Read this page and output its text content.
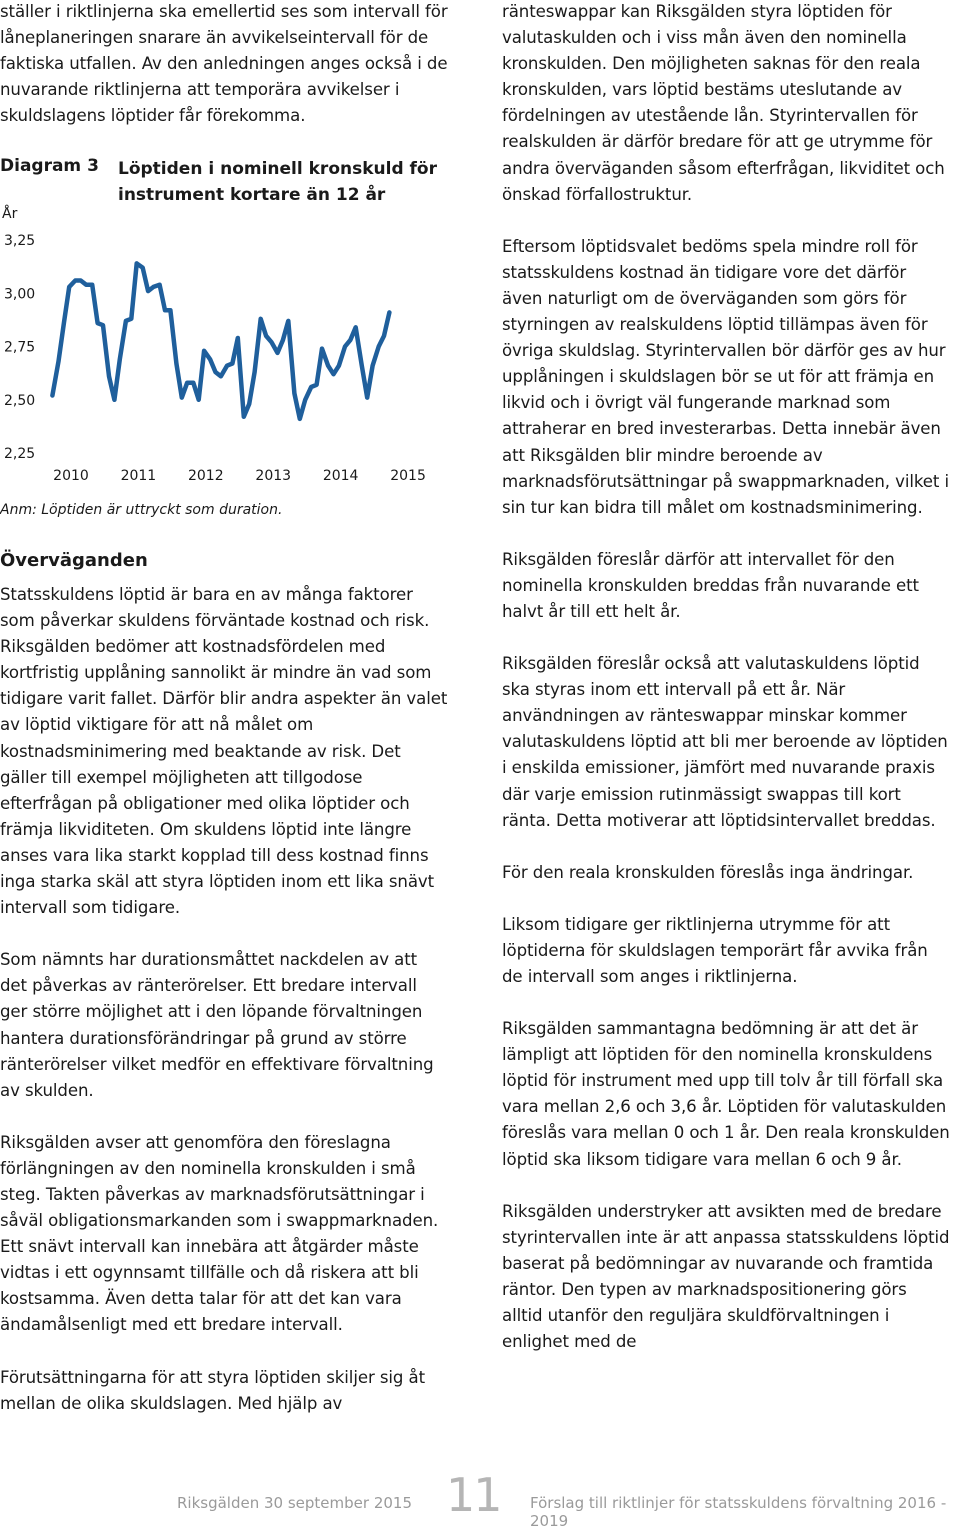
ställer i riktlinjerna ska emellertid ses som intervall för låneplaneringen snarare än avvikelseintervall för de faktiska utfallen. Av den anledningen anges också i de nuvarande riktlinjerna att temporära avvikelser i skuldslagens löptider får förekomma.

Diagram 3 Löptiden i nominell kronskuld för instrument kortare än 12 år
År
3,25
3,00
2,75
2,50
2,25
2010 2011 2012 2013 2014 2015
Anm: Löptiden är uttryckt som duration.
Överväganden

Statsskuldens löptid är bara en av många faktorer som påverkar skuldens förväntade kostnad och risk. Riksgälden bedömer att kostnadsfördelen med kortfristig upplåning sannolikt är mindre än vad som tidigare varit fallet. Därför blir andra aspekter än valet av löptid viktigare för att nå målet om kostnadsminimering med beaktande av risk. Det gäller till exempel möjligheten att tillgodose efterfrågan på obligationer med olika löptider och främja likviditeten. Om skuldens löptid inte längre anses vara lika starkt kopplad till dess kostnad finns inga starka skäl att styra löptiden inom ett lika snävt intervall som tidigare.

Som nämnts har durationsmåttet nackdelen av att det påverkas av ränterörelser. Ett bredare intervall ger större möjlighet att i den löpande förvaltningen hantera durationsförändringar på grund av större ränterörelser vilket medför en effektivare förvaltning av skulden.

Riksgälden avser att genomföra den föreslagna förlängningen av den nominella kronskulden i små steg. Takten påverkas av marknadsförutsättningar i såväl obligationsmarkanden som i swappmarknaden. Ett snävt intervall kan innebära att åtgärder måste vidtas i ett ogynnsamt tillfälle och då riskera att bli kostsamma. Även detta talar för att det kan vara ändamålsenligt med ett bredare intervall.

Förutsättningarna för att styra löptiden skiljer sig åt mellan de olika skuldslagen. Med hjälp av

ränteswappar kan Riksgälden styra löptiden för valutaskulden och i viss mån även den nominella kronskulden. Den möjligheten saknas för den reala kronskulden, vars löptid bestäms uteslutande av fördelningen av utestående lån. Styrintervallen för realskulden är därför bredare för att ge utrymme för andra överväganden såsom efterfrågan, likviditet och önskad förfallostruktur.

Eftersom löptidsvalet bedöms spela mindre roll för statsskuldens kostnad än tidigare vore det därför även naturligt om de överväganden som görs för styrningen av realskuldens löptid tillämpas även för övriga skuldslag. Styrintervallen bör därför ges av hur upplåningen i skuldslagen bör se ut för att främja en likvid och i övrigt väl fungerande marknad som attraherar en bred investerarbas. Detta innebär även att Riksgälden blir mindre beroende av marknadsförutsättningar på swappmarknaden, vilket i sin tur kan bidra till målet om kostnadsminimering.

Riksgälden föreslår därför att intervallet för den nominella kronskulden breddas från nuvarande ett halvt år till ett helt år.

Riksgälden föreslår också att valutaskuldens löptid ska styras inom ett intervall på ett år. När användningen av ränteswappar minskar kommer valutaskuldens löptid att bli mer beroende av löptiden i enskilda emissioner, jämfört med nuvarande praxis där varje emission rutinmässigt swappas till kort ränta. Detta motiverar att löptidsintervallet breddas.

För den reala kronskulden föreslås inga ändringar.

Liksom tidigare ger riktlinjerna utrymme för att löptiderna för skuldslagen temporärt får avvika från de intervall som anges i riktlinjerna.

Riksgälden sammantagna bedömning är att det är lämpligt att löptiden för den nominella kronskuldens löptid för instrument med upp till tolv år till förfall ska vara mellan 2,6 och 3,6 år. Löptiden för valutaskulden föreslås vara mellan 0 och 1 år. Den reala kronskulden löptid ska liksom tidigare vara mellan 6 och 9 år.

Riksgälden understryker att avsikten med de bredare styrintervallen inte är att anpassa statsskuldens löptid baserat på bedömningar av nuvarande och framtida räntor. Den typen av marknadspositionering görs alltid utanför den reguljära skuldförvaltningen i enlighet med de

Riksgälden 30 september 2015 11 Förslag till riktlinjer för statsskuldens förvaltning 2016 - 2019
